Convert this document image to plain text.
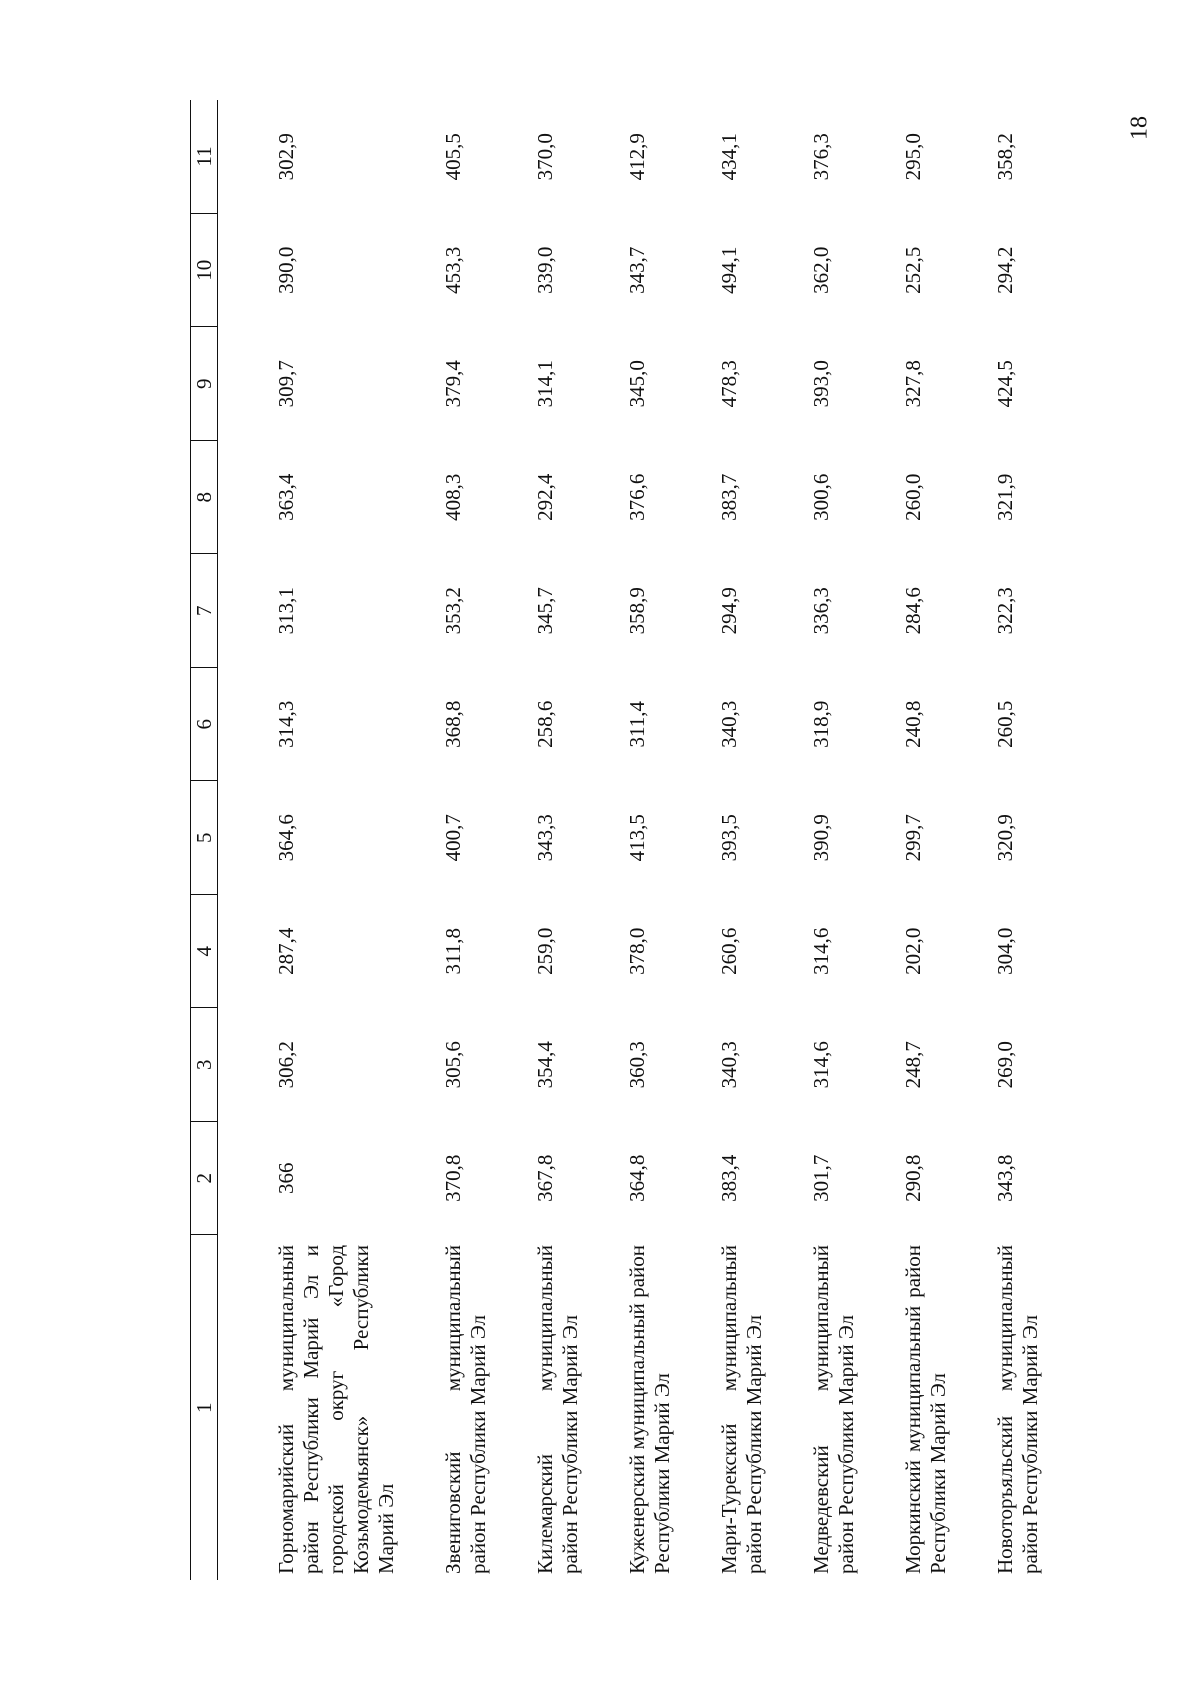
18
1	2	3	4	5	6	7	8	9	10	11
Горномарийский муниципальный район Республики Марий Эл и городской округ «Город Козьмодемьянск» Республики Марий Эл	366	306,2	287,4	364,6	314,3	313,1	363,4	309,7	390,0	302,9
Звениговский муниципальный район Республики Марий Эл	370,8	305,6	311,8	400,7	368,8	353,2	408,3	379,4	453,3	405,5
Килемарский муниципальный район Республики Марий Эл	367,8	354,4	259,0	343,3	258,6	345,7	292,4	314,1	339,0	370,0
Куженерский муниципальный район Республики Марий Эл	364,8	360,3	378,0	413,5	311,4	358,9	376,6	345,0	343,7	412,9
Мари-Турекский муниципальный район Республики Марий Эл	383,4	340,3	260,6	393,5	340,3	294,9	383,7	478,3	494,1	434,1
Медведевский муниципальный район Республики Марий Эл	301,7	314,6	314,6	390,9	318,9	336,3	300,6	393,0	362,0	376,3
Моркинский муниципальный район Республики Марий Эл	290,8	248,7	202,0	299,7	240,8	284,6	260,0	327,8	252,5	295,0
Новоторъяльский муниципальный район Республики Марий Эл	343,8	269,0	304,0	320,9	260,5	322,3	321,9	424,5	294,2	358,2
